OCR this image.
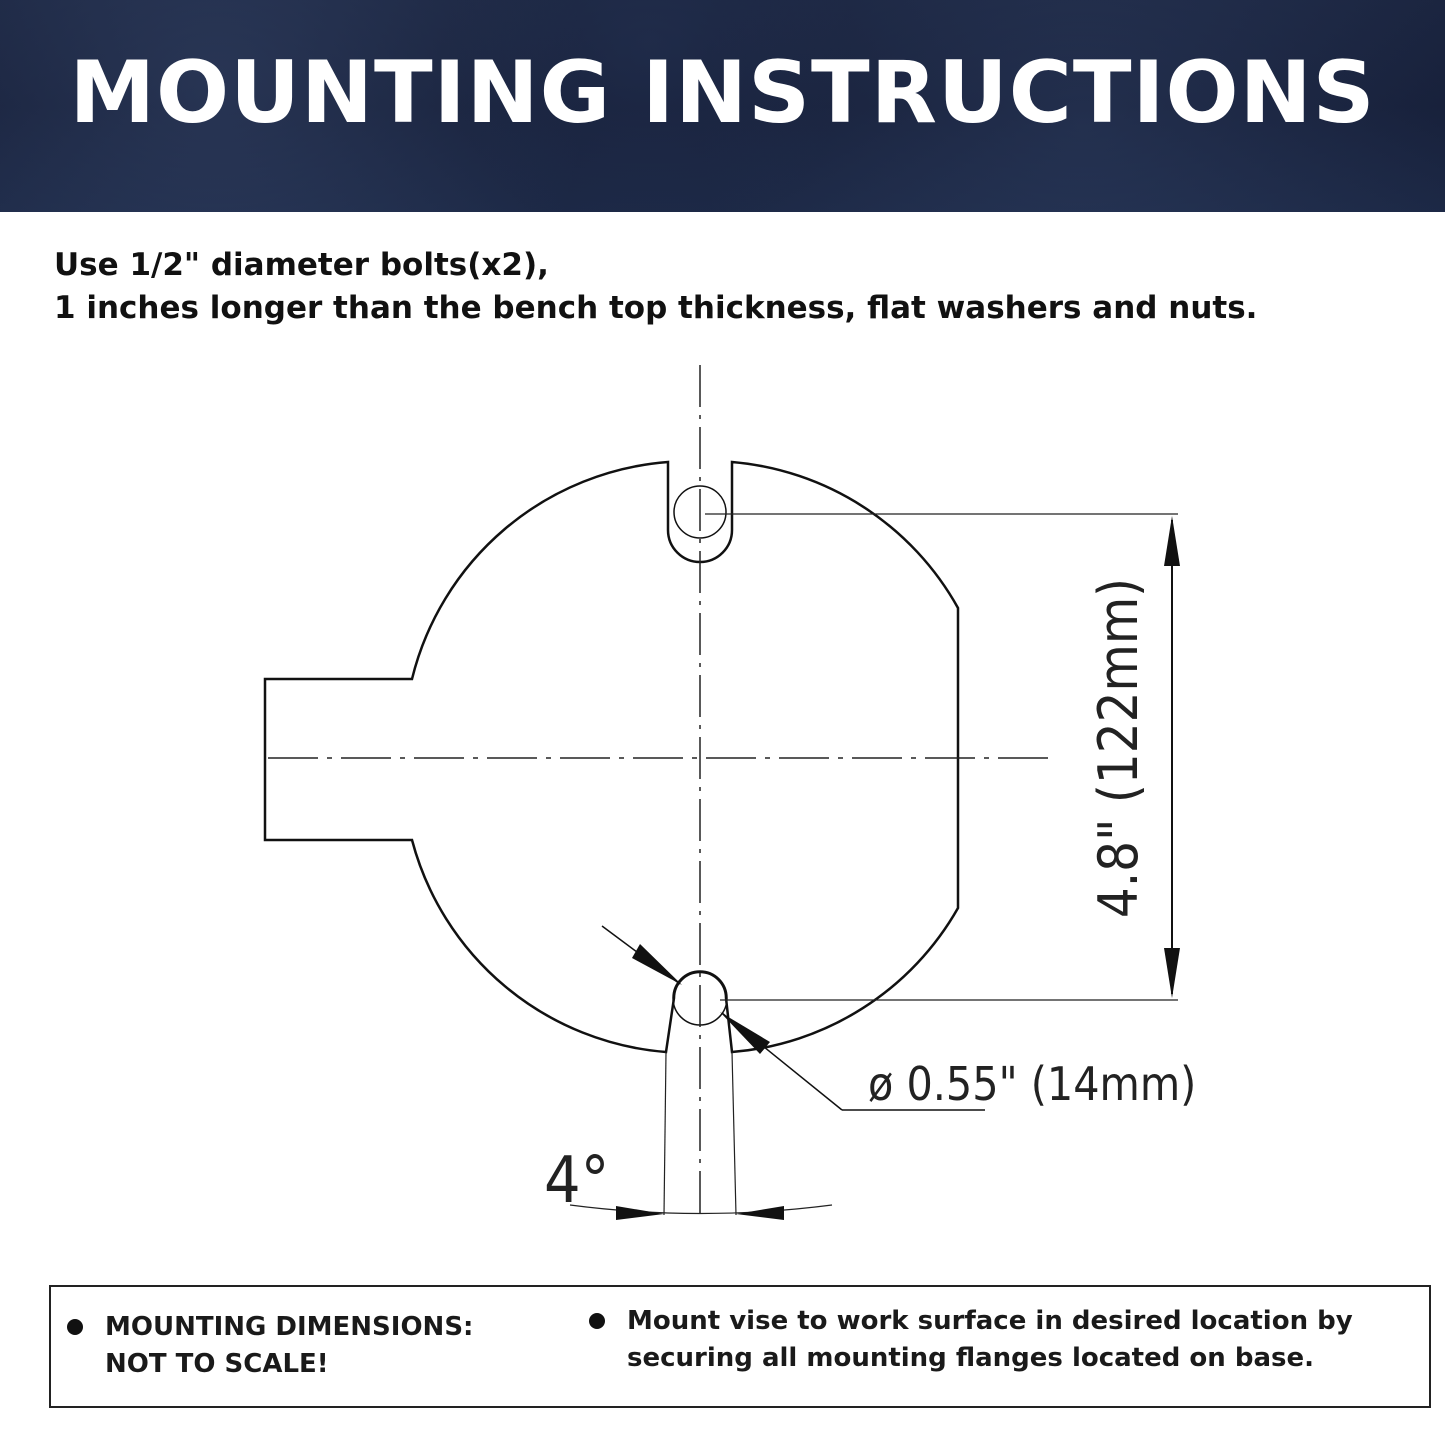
MOUNTING INSTRUCTIONS
Use 1/2" diameter bolts(x2),
1 inches longer than the bench top thickness, flat washers and nuts.
4.8" (122mm)
ø 0.55" (14mm)
4°
MOUNTING DIMENSIONS:
NOT TO SCALE!
Mount vise to work surface in desired location by
securing all mounting flanges located on base.
